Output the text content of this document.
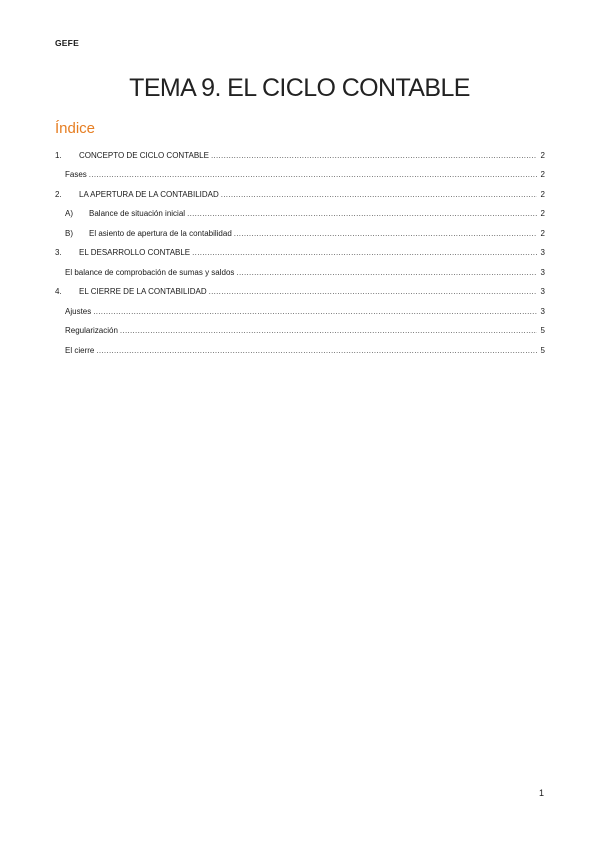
GEFE
TEMA 9. EL CICLO CONTABLE
Índice
1.	CONCEPTO DE CICLO CONTABLE .....	2
Fases .....	2
2.	LA APERTURA DE LA CONTABILIDAD .....	2
A)	Balance de situación inicial .....	2
B)	El asiento de apertura de la contabilidad .....	2
3.	EL DESARROLLO CONTABLE .....	3
El balance de comprobación de sumas y saldos .....	3
4.	EL CIERRE DE LA CONTABILIDAD .....	3
Ajustes .....	3
Regularización .....	5
El cierre .....	5
1
